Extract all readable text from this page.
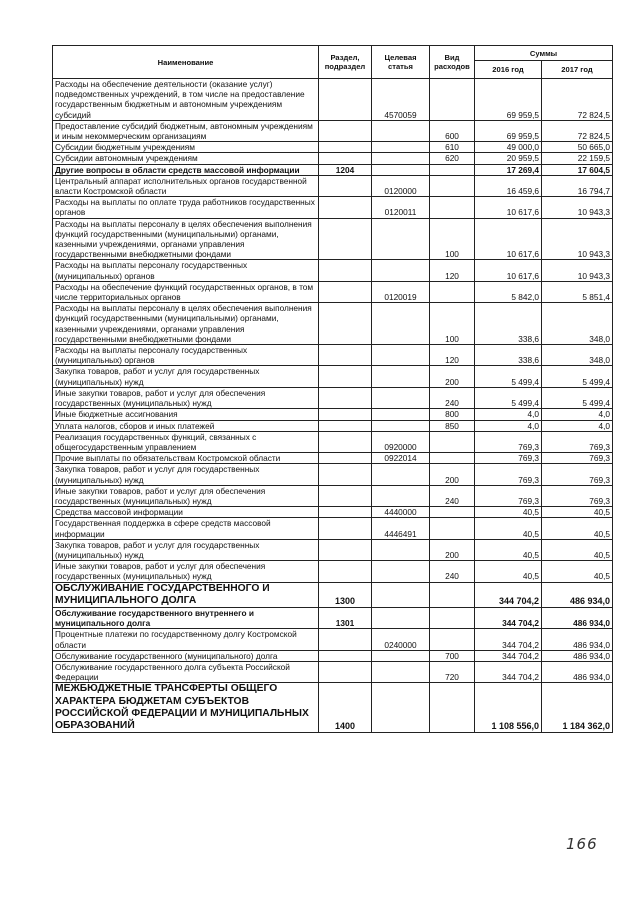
Наименование	Раздел, подраздел	Целевая статья	Вид расходов	Суммы	
				2016 год	2017 год
Расходы на обеспечение деятельности (оказание услуг) подведомственных учреждений, в том числе на предоставление государственным бюджетным и автономным учреждениям субсидий		4570059		69 959,5	72 824,5
Предоставление субсидий бюджетным, автономным учреждениям и иным некоммерческим организациям			600	69 959,5	72 824,5
Субсидии бюджетным учреждениям			610	49 000,0	50 665,0
Субсидии автономным учреждениям			620	20 959,5	22 159,5
Другие вопросы в области средств массовой информации	1204			17 269,4	17 604,5
Центральный аппарат исполнительных органов государственной власти Костромской области		0120000		16 459,6	16 794,7
Расходы на выплаты по оплате труда работников государственных органов		0120011		10 617,6	10 943,3
Расходы на выплаты персоналу в целях обеспечения выполнения функций государственными (муниципальными) органами, казенными учреждениями, органами управления государственными внебюджетными фондами			100	10 617,6	10 943,3
Расходы на выплаты персоналу государственных (муниципальных) органов			120	10 617,6	10 943,3
Расходы на обеспечение функций государственных органов, в том числе территориальных органов		0120019		5 842,0	5 851,4
Расходы на выплаты персоналу в целях обеспечения выполнения функций государственными (муниципальными) органами, казенными учреждениями, органами управления государственными внебюджетными фондами			100	338,6	348,0
Расходы на выплаты персоналу государственных (муниципальных) органов			120	338,6	348,0
Закупка товаров, работ и услуг для государственных (муниципальных) нужд			200	5 499,4	5 499,4
Иные закупки товаров, работ и услуг для обеспечения государственных (муниципальных) нужд			240	5 499,4	5 499,4
Иные бюджетные ассигнования			800	4,0	4,0
Уплата налогов, сборов и иных платежей			850	4,0	4,0
Реализация государственных функций, связанных с общегосударственным управлением		0920000		769,3	769,3
Прочие выплаты по обязательствам Костромской области		0922014		769,3	769,3
Закупка товаров, работ и услуг для государственных (муниципальных) нужд			200	769,3	769,3
Иные закупки товаров, работ и услуг для обеспечения государственных (муниципальных) нужд			240	769,3	769,3
Средства массовой информации		4440000		40,5	40,5
Государственная поддержка в сфере средств массовой информации		4446491		40,5	40,5
Закупка товаров, работ и услуг для государственных (муниципальных) нужд			200	40,5	40,5
Иные закупки товаров, работ и услуг для обеспечения государственных (муниципальных) нужд			240	40,5	40,5
ОБСЛУЖИВАНИЕ ГОСУДАРСТВЕННОГО И МУНИЦИПАЛЬНОГО ДОЛГА	1300			344 704,2	486 934,0
Обслуживание государственного внутреннего и муниципального долга	1301			344 704,2	486 934,0
Процентные платежи по государственному долгу Костромской области		0240000		344 704,2	486 934,0
Обслуживание государственного (муниципального) долга			700	344 704,2	486 934,0
Обслуживание государственного долга субъекта Российской Федерации			720	344 704,2	486 934,0
МЕЖБЮДЖЕТНЫЕ ТРАНСФЕРТЫ ОБЩЕГО ХАРАКТЕРА БЮДЖЕТАМ СУБЪЕКТОВ РОССИЙСКОЙ ФЕДЕРАЦИИ И МУНИЦИПАЛЬНЫХ ОБРАЗОВАНИЙ	1400			1 108 556,0	1 184 362,0
166
